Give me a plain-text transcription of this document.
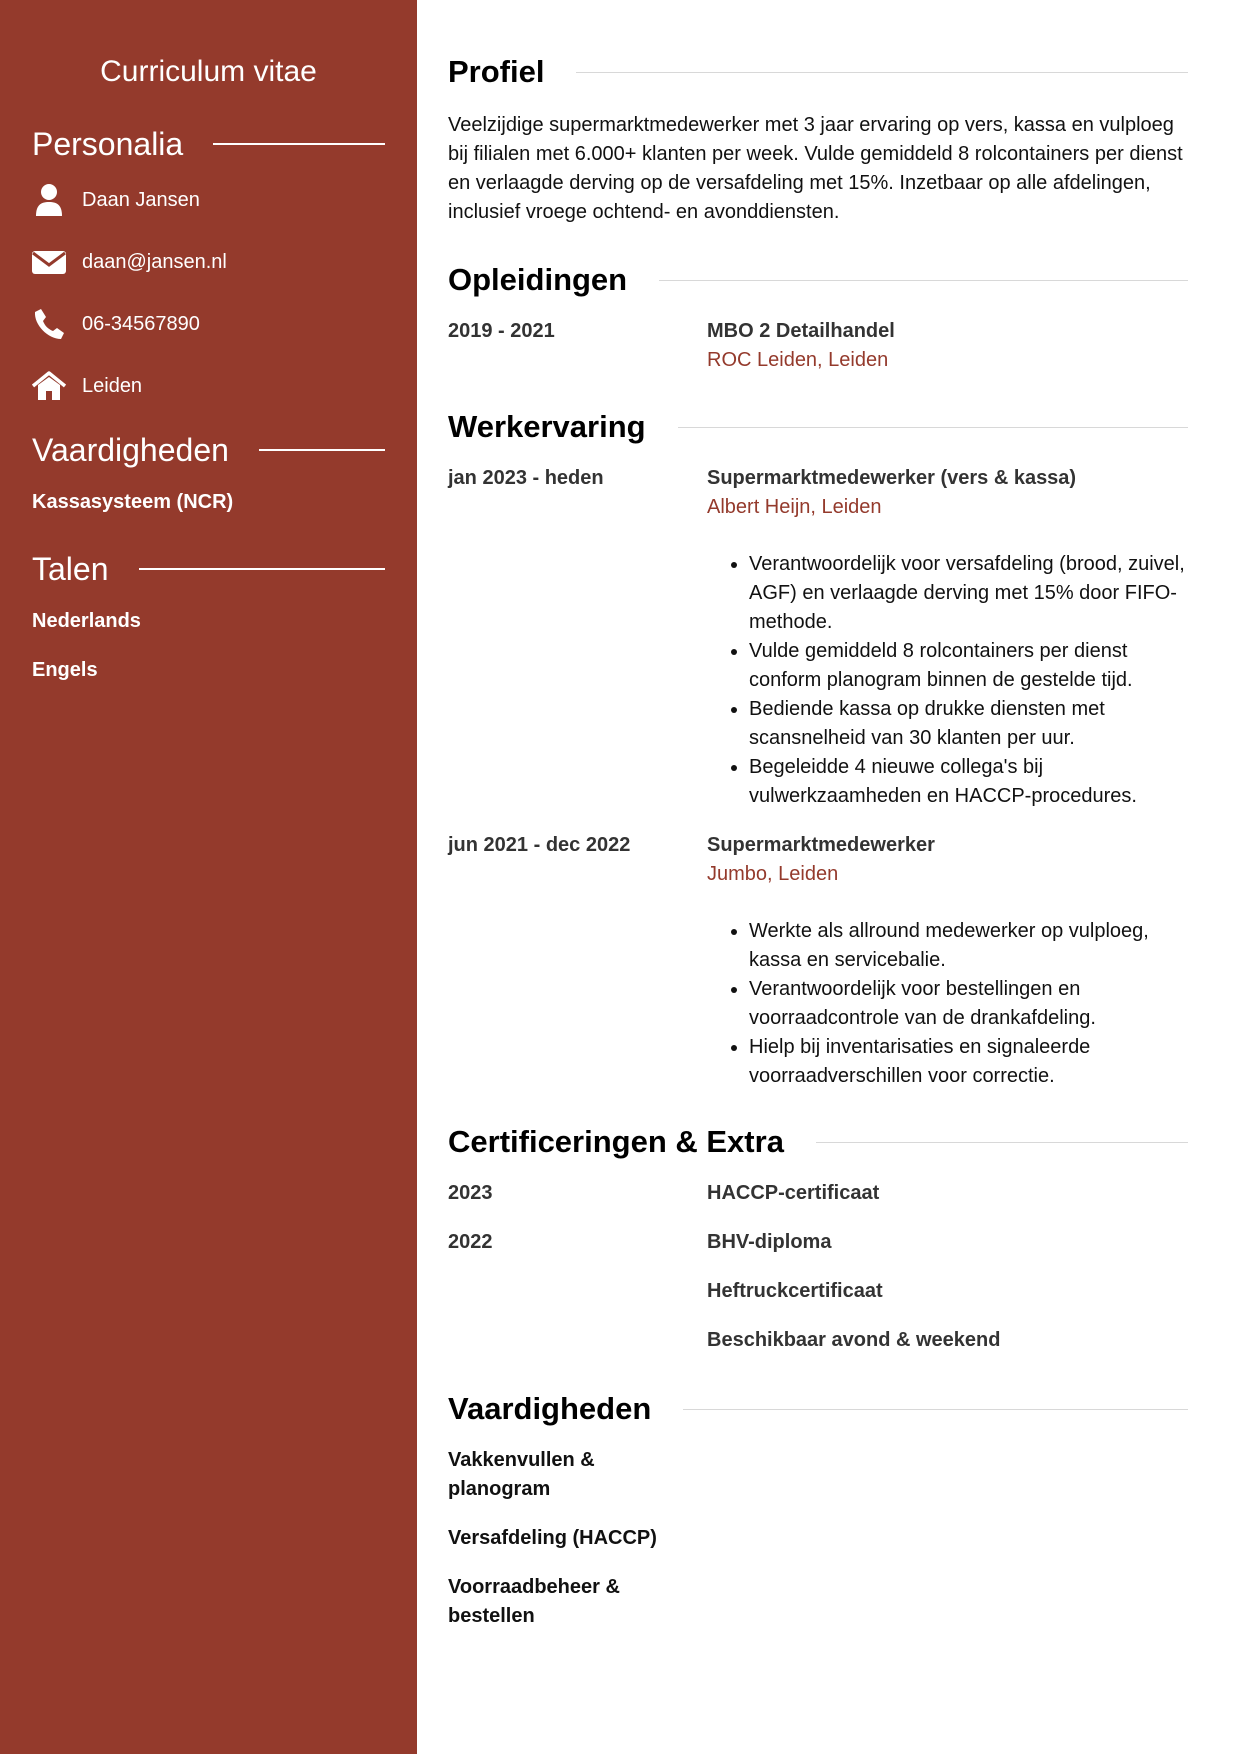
Curriculum vitae
Personalia
Daan Jansen
daan@jansen.nl
06-34567890
Leiden
Vaardigheden
Kassasysteem (NCR)
Talen
Nederlands
Engels
Profiel
Veelzijdige supermarktmedewerker met 3 jaar ervaring op vers, kassa en vulploeg bij filialen met 6.000+ klanten per week. Vulde gemiddeld 8 rolcontainers per dienst en verlaagde derving op de versafdeling met 15%. Inzetbaar op alle afdelingen, inclusief vroege ochtend- en avonddiensten.
Opleidingen
2019 - 2021	MBO 2 Detailhandel
ROC Leiden, Leiden
Werkervaring
jan 2023 - heden	Supermarktmedewerker (vers & kassa)
Albert Heijn, Leiden
• Verantwoordelijk voor versafdeling (brood, zuivel, AGF) en verlaagde derving met 15% door FIFO-methode.
• Vulde gemiddeld 8 rolcontainers per dienst conform planogram binnen de gestelde tijd.
• Bediende kassa op drukke diensten met scansnelheid van 30 klanten per uur.
• Begeleidde 4 nieuwe collega's bij vulwerkzaamheden en HACCP-procedures.
jun 2021 - dec 2022	Supermarktmedewerker
Jumbo, Leiden
• Werkte als allround medewerker op vulploeg, kassa en servicebalie.
• Verantwoordelijk voor bestellingen en voorraadcontrole van de drankafdeling.
• Hielp bij inventarisaties en signaleerde voorraadverschillen voor correctie.
Certificeringen & Extra
2023	HACCP-certificaat
2022	BHV-diploma
Heftruckcertificaat
Beschikbaar avond & weekend
Vaardigheden
Vakkenvullen & planogram
Versafdeling (HACCP)
Voorraadbeheer & bestellen
